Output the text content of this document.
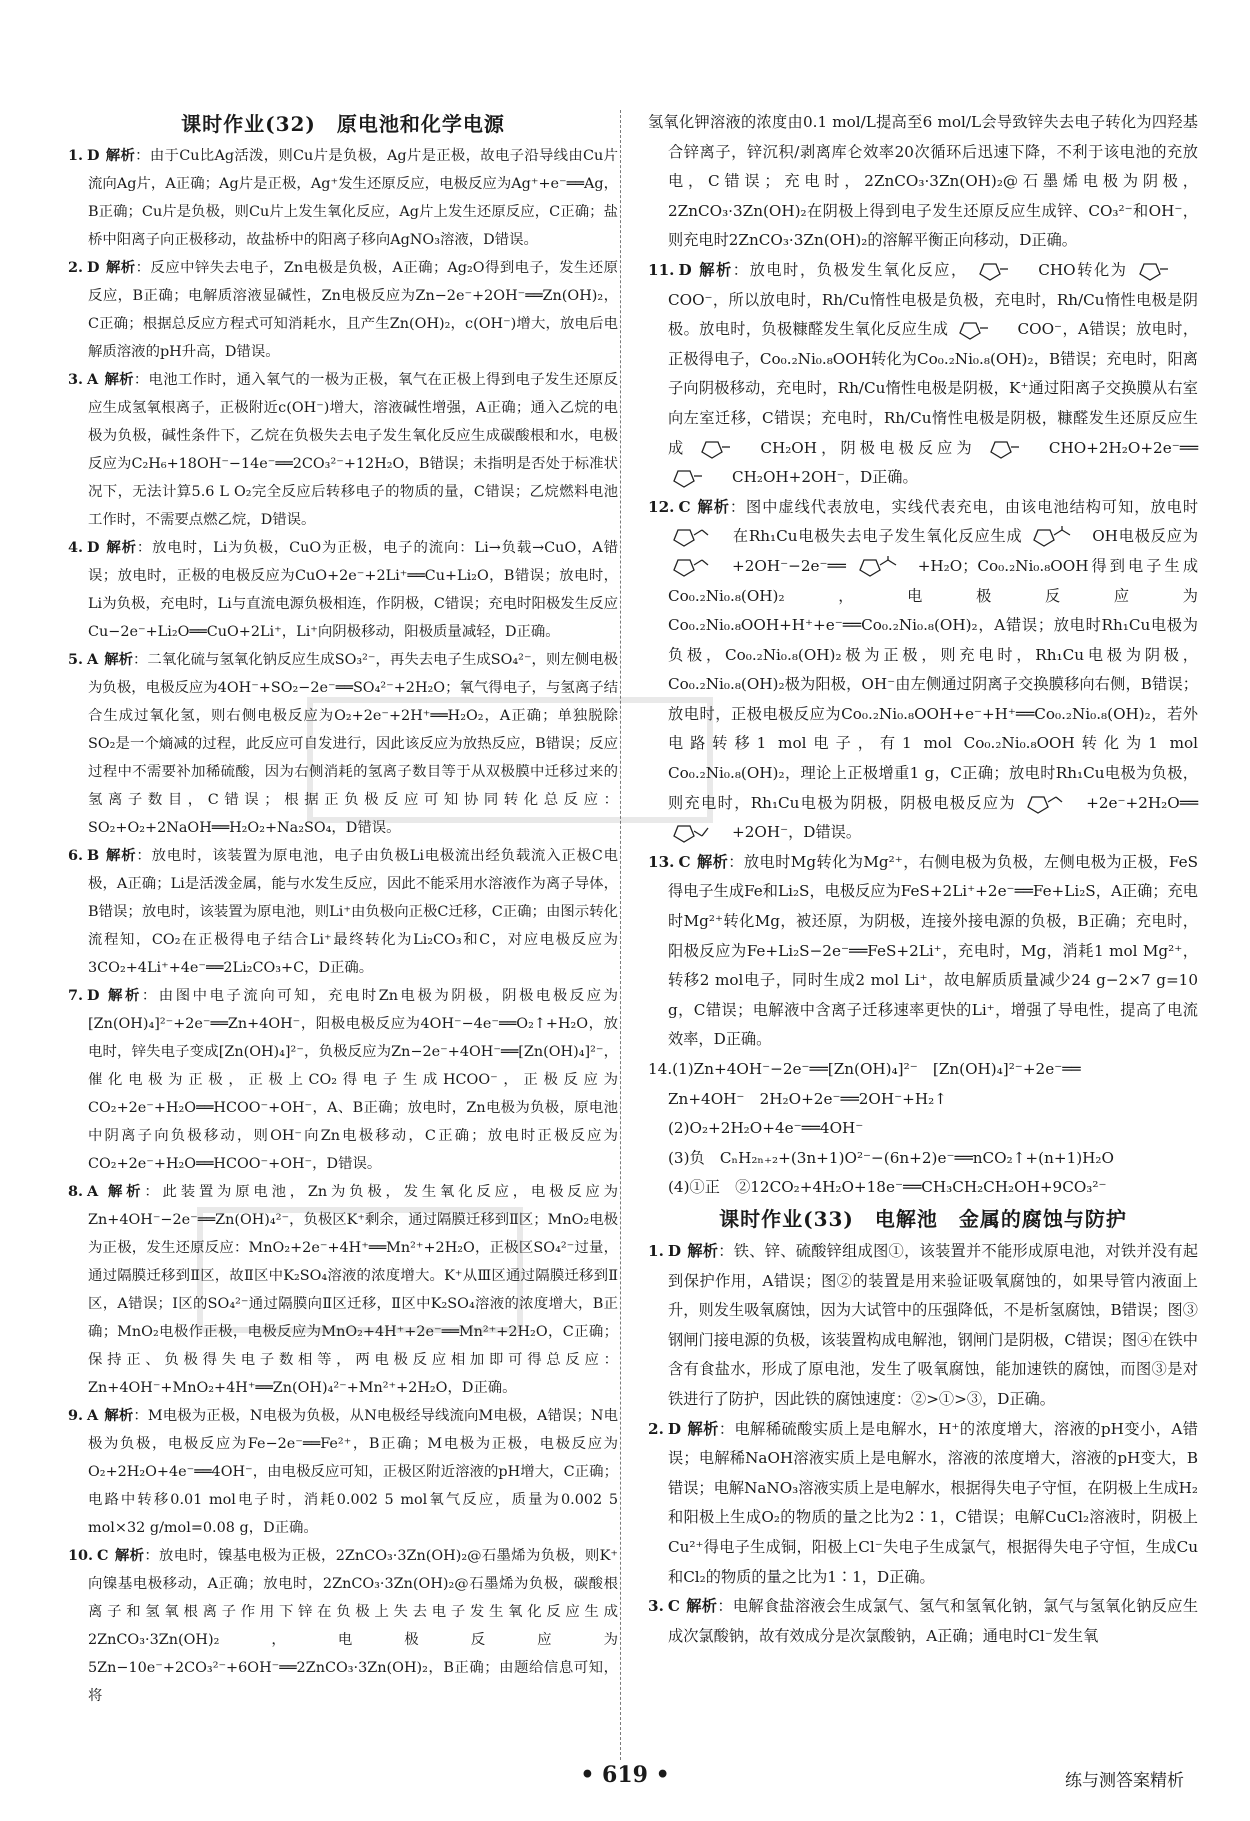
课时作业(32)　原电池和化学电源

1. D 解析：由于Cu比Ag活泼，则Cu片是负极，Ag片是正极，故电子沿导线由Cu片流向Ag片，A正确；Ag片是正极，Ag⁺发生还原反应，电极反应为Ag⁺+e⁻══Ag，B正确；Cu片是负极，则Cu片上发生氧化反应，Ag片上发生还原反应，C正确；盐桥中阳离子向正极移动，故盐桥中的阳离子移向AgNO₃溶液，D错误。

2. D 解析：反应中锌失去电子，Zn电极是负极，A正确；Ag₂O得到电子，发生还原反应，B正确；电解质溶液显碱性，Zn电极反应为Zn−2e⁻+2OH⁻══Zn(OH)₂，C正确；根据总反应方程式可知消耗水，且产生Zn(OH)₂，c(OH⁻)增大，放电后电解质溶液的pH升高，D错误。

3. A 解析：电池工作时，通入氧气的一极为正极，氧气在正极上得到电子发生还原反应生成氢氧根离子，正极附近c(OH⁻)增大，溶液碱性增强，A正确；通入乙烷的电极为负极，碱性条件下，乙烷在负极失去电子发生氧化反应生成碳酸根和水，电极反应为C₂H₆+18OH⁻−14e⁻══2CO₃²⁻+12H₂O，B错误；未指明是否处于标准状况下，无法计算5.6 L O₂完全反应后转移电子的物质的量，C错误；乙烷燃料电池工作时，不需要点燃乙烷，D错误。

4. D 解析：放电时，Li为负极，CuO为正极，电子的流向：Li→负载→CuO，A错误；放电时，正极的电极反应为CuO+2e⁻+2Li⁺══Cu+Li₂O，B错误；放电时，Li为负极，充电时，Li与直流电源负极相连，作阴极，C错误；充电时阳极发生反应Cu−2e⁻+Li₂O══CuO+2Li⁺，Li⁺向阴极移动，阳极质量减轻，D正确。

5. A 解析：二氧化硫与氢氧化钠反应生成SO₃²⁻，再失去电子生成SO₄²⁻，则左侧电极为负极，电极反应为4OH⁻+SO₂−2e⁻══SO₄²⁻+2H₂O；氧气得电子，与氢离子结合生成过氧化氢，则右侧电极反应为O₂+2e⁻+2H⁺══H₂O₂，A正确；单独脱除SO₂是一个熵减的过程，此反应可自发进行，因此该反应为放热反应，B错误；反应过程中不需要补加稀硫酸，因为右侧消耗的氢离子数目等于从双极膜中迁移过来的氢离子数目，C错误；根据正负极反应可知协同转化总反应：SO₂+O₂+2NaOH══H₂O₂+Na₂SO₄，D错误。

6. B 解析：放电时，该装置为原电池，电子由负极Li电极流出经负载流入正极C电极，A正确；Li是活泼金属，能与水发生反应，因此不能采用水溶液作为离子导体，B错误；放电时，该装置为原电池，则Li⁺由负极向正极C迁移，C正确；由图示转化流程知，CO₂在正极得电子结合Li⁺最终转化为Li₂CO₃和C，对应电极反应为3CO₂+4Li⁺+4e⁻══2Li₂CO₃+C，D正确。

7. D 解析：由图中电子流向可知，充电时Zn电极为阴极，阴极电极反应为[Zn(OH)₄]²⁻+2e⁻══Zn+4OH⁻，阳极电极反应为4OH⁻−4e⁻══O₂↑+H₂O，放电时，锌失电子变成[Zn(OH)₄]²⁻，负极反应为Zn−2e⁻+4OH⁻══[Zn(OH)₄]²⁻，催化电极为正极，正极上CO₂得电子生成HCOO⁻，正极反应为CO₂+2e⁻+H₂O══HCOO⁻+OH⁻，A、B正确；放电时，Zn电极为负极，原电池中阴离子向负极移动，则OH⁻向Zn电极移动，C正确；放电时正极反应为CO₂+2e⁻+H₂O══HCOO⁻+OH⁻，D错误。

8. A 解析：此装置为原电池，Zn为负极，发生氧化反应，电极反应为Zn+4OH⁻−2e⁻══Zn(OH)₄²⁻，负极区K⁺剩余，通过隔膜迁移到Ⅱ区；MnO₂电极为正极，发生还原反应：MnO₂+2e⁻+4H⁺══Mn²⁺+2H₂O，正极区SO₄²⁻过量，通过隔膜迁移到Ⅱ区，故Ⅱ区中K₂SO₄溶液的浓度增大。K⁺从Ⅲ区通过隔膜迁移到Ⅱ区，A错误；Ⅰ区的SO₄²⁻通过隔膜向Ⅱ区迁移，Ⅱ区中K₂SO₄溶液的浓度增大，B正确；MnO₂电极作正极，电极反应为MnO₂+4H⁺+2e⁻══Mn²⁺+2H₂O，C正确；保持正、负极得失电子数相等，两电极反应相加即可得总反应：Zn+4OH⁻+MnO₂+4H⁺══Zn(OH)₄²⁻+Mn²⁺+2H₂O，D正确。

9. A 解析：M电极为正极，N电极为负极，从N电极经导线流向M电极，A错误；N电极为负极，电极反应为Fe−2e⁻══Fe²⁺，B正确；M电极为正极，电极反应为O₂+2H₂O+4e⁻══4OH⁻，由电极反应可知，正极区附近溶液的pH增大，C正确；电路中转移0.01 mol电子时，消耗0.002 5 mol氧气反应，质量为0.002 5 mol×32 g/mol=0.08 g，D正确。

10. C 解析：放电时，镍基电极为正极，2ZnCO₃·3Zn(OH)₂@石墨烯为负极，则K⁺向镍基电极移动，A正确；放电时，2ZnCO₃·3Zn(OH)₂@石墨烯为负极，碳酸根离子和氢氧根离子作用下锌在负极上失去电子发生氧化反应生成2ZnCO₃·3Zn(OH)₂，电极反应为5Zn−10e⁻+2CO₃²⁻+6OH⁻══2ZnCO₃·3Zn(OH)₂，B正确；由题给信息可知，将

氢氧化钾溶液的浓度由0.1 mol/L提高至6 mol/L会导致锌失去电子转化为四羟基合锌离子，锌沉积/剥离库仑效率20次循环后迅速下降，不利于该电池的充放电，C错误；充电时，2ZnCO₃·3Zn(OH)₂@石墨烯电极为阴极，2ZnCO₃·3Zn(OH)₂在阴极上得到电子发生还原反应生成锌、CO₃²⁻和OH⁻，则充电时2ZnCO₃·3Zn(OH)₂的溶解平衡正向移动，D正确。

11. D 解析：放电时，负极发生氧化反应，	CHO转化为 COO⁻，所以放电时，Rh/Cu惰性电极是负极，充电时，Rh/Cu惰性电极是阴极。放电时，负极糠醛发生氧化反应生成	COO⁻，A错误；放电时，正极得电子，Co₀.₂Ni₀.₈OOH转化为Co₀.₂Ni₀.₈(OH)₂，B错误；充电时，阳离子向阴极移动，充电时，Rh/Cu惰性电极是阴极，K⁺通过阳离子交换膜从右室向左室迁移，C错误；充电时，Rh/Cu惰性电极是阴极，糠醛发生还原反应生成	CH₂OH，阴极电极反应为	CHO+2H₂O+2e⁻══ CH₂OH+2OH⁻，D正确。

12. C 解析：图中虚线代表放电，实线代表充电，由该电池结构可知，放电时 在Rh₁Cu电极失去电子发生氧化反应生成	OH电极反应为 +2OH⁻−2e⁻══	+H₂O；Co₀.₂Ni₀.₈OOH得到电子生成Co₀.₂Ni₀.₈(OH)₂，电极反应为Co₀.₂Ni₀.₈OOH+H⁺+e⁻══Co₀.₂Ni₀.₈(OH)₂，A错误；放电时Rh₁Cu电极为负极，Co₀.₂Ni₀.₈(OH)₂极为正极，则充电时，Rh₁Cu电极为阴极，Co₀.₂Ni₀.₈(OH)₂极为阳极，OH⁻由左侧通过阴离子交换膜移向右侧，B错误；放电时，正极电极反应为Co₀.₂Ni₀.₈OOH+e⁻+H⁺══Co₀.₂Ni₀.₈(OH)₂，若外电路转移1 mol电子，有1 mol Co₀.₂Ni₀.₈OOH转化为1 mol Co₀.₂Ni₀.₈(OH)₂，理论上正极增重1 g，C正确；放电时Rh₁Cu电极为负极，则充电时，Rh₁Cu电极为阴极，阴极电极反应为	+2e⁻+2H₂O══ +2OH⁻，D错误。

13. C 解析：放电时Mg转化为Mg²⁺，右侧电极为负极，左侧电极为正极，FeS得电子生成Fe和Li₂S，电极反应为FeS+2Li⁺+2e⁻══Fe+Li₂S，A正确；充电时Mg²⁺转化Mg，被还原，为阴极，连接外接电源的负极，B正确；充电时，阳极反应为Fe+Li₂S−2e⁻══FeS+2Li⁺，充电时，Mg，消耗1 mol Mg²⁺，转移2 mol电子，同时生成2 mol Li⁺，故电解质质量减少24 g−2×7 g=10 g，C错误；电解液中含离子迁移速率更快的Li⁺，增强了导电性，提高了电流效率，D正确。

14.(1)Zn+4OH⁻−2e⁻══[Zn(OH)₄]²⁻　[Zn(OH)₄]²⁻+2e⁻══
Zn+4OH⁻　2H₂O+2e⁻══2OH⁻+H₂↑
(2)O₂+2H₂O+4e⁻══4OH⁻
(3)负　CₙH₂ₙ₊₂+(3n+1)O²⁻−(6n+2)e⁻══nCO₂↑+(n+1)H₂O
(4)①正　②12CO₂+4H₂O+18e⁻══CH₃CH₂CH₂OH+9CO₃²⁻
课时作业(33)　电解池　金属的腐蚀与防护

1. D 解析：铁、锌、硫酸锌组成图①，该装置并不能形成原电池，对铁并没有起到保护作用，A错误；图②的装置是用来验证吸氧腐蚀的，如果导管内液面上升，则发生吸氧腐蚀，因为大试管中的压强降低，不是析氢腐蚀，B错误；图③钢闸门接电源的负极，该装置构成电解池，钢闸门是阴极，C错误；图④在铁中含有食盐水，形成了原电池，发生了吸氧腐蚀，能加速铁的腐蚀，而图③是对铁进行了防护，因此铁的腐蚀速度：②>①>③，D正确。

2. D 解析：电解稀硫酸实质上是电解水，H⁺的浓度增大，溶液的pH变小，A错误；电解稀NaOH溶液实质上是电解水，溶液的浓度增大，溶液的pH变大，B错误；电解NaNO₃溶液实质上是电解水，根据得失电子守恒，在阴极上生成H₂和阳极上生成O₂的物质的量之比为2∶1，C错误；电解CuCl₂溶液时，阴极上Cu²⁺得电子生成铜，阳极上Cl⁻失电子生成氯气，根据得失电子守恒，生成Cu和Cl₂的物质的量之比为1∶1，D正确。

3. C 解析：电解食盐溶液会生成氯气、氢气和氢氧化钠，氯气与氢氧化钠反应生成次氯酸钠，故有效成分是次氯酸钠，A正确；通电时Cl⁻发生氧

• 619 •	练与测答案精析
